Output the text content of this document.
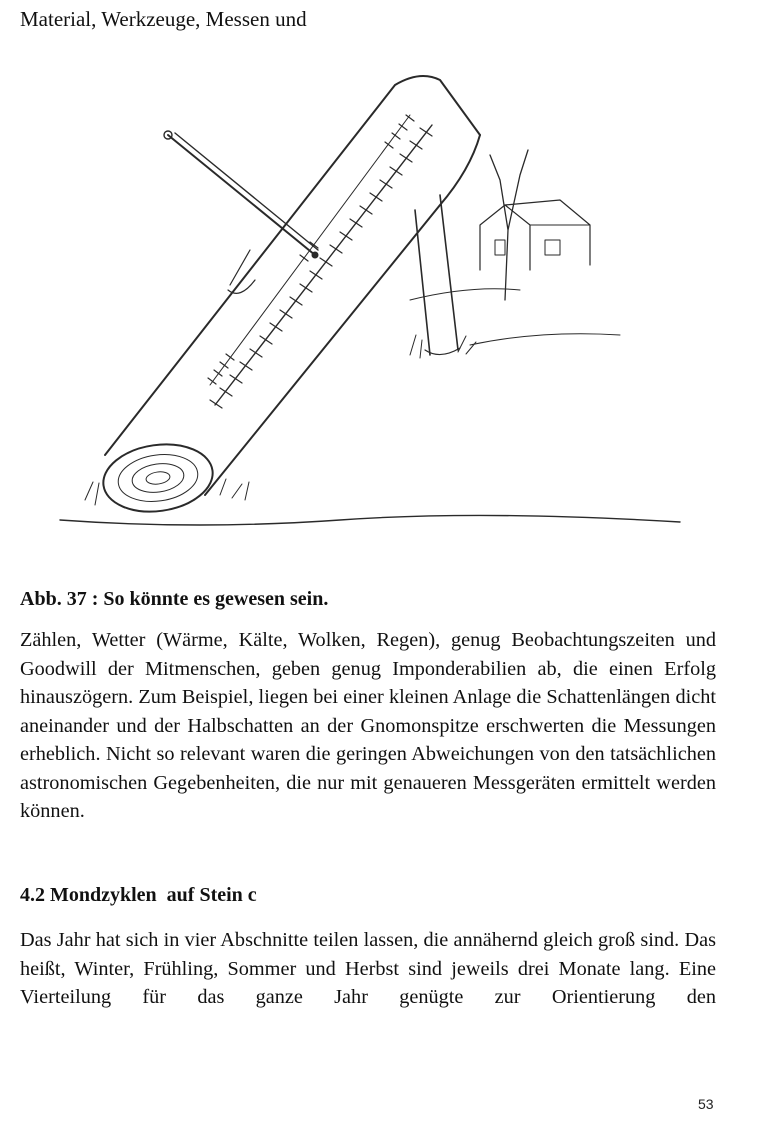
Material, Werkzeuge, Messen und
Abb. 37 : So könnte es gewesen sein.

Zählen, Wetter (Wärme, Kälte, Wolken, Regen), genug Beobachtungszeiten und Goodwill der Mitmenschen, geben genug Imponderabilien ab, die einen Erfolg hinauszögern. Zum Beispiel, liegen bei einer kleinen Anlage die Schattenlängen dicht aneinander und der Halbschatten an der Gnomonspitze erschwerten die Messungen erheblich. Nicht so relevant waren die geringen Abweichungen von den tatsächlichen astronomischen Gegebenheiten, die nur mit genaueren Messgeräten ermittelt werden können.

4.2 Mondzyklen  auf Stein c

Das Jahr hat sich in vier Abschnitte teilen lassen, die annähernd gleich groß sind. Das heißt, Winter, Frühling, Sommer und Herbst sind jeweils drei Monate lang. Eine Vierteilung für das ganze Jahr genügte zur Orientierung den

53
